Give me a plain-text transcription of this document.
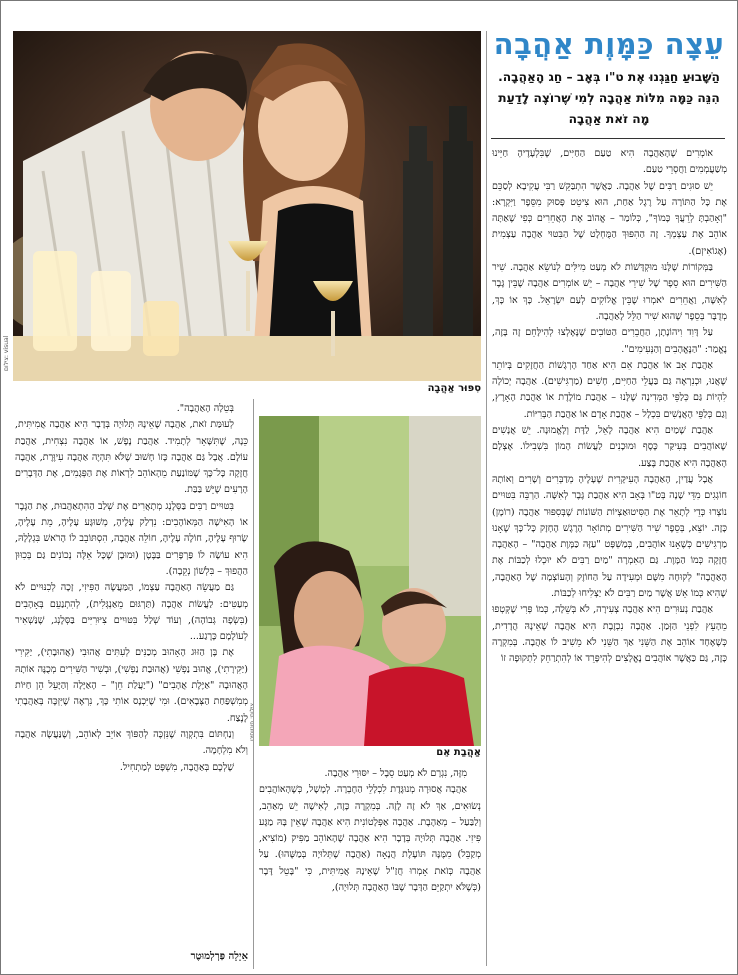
עֵצָה כַּמָּוֶת אַהֲבָה
הַשָּׁבוּעַ חַגַּגְנוּ אֶת ט"ו בְּאָב – חַג הָאַהֲבָה. הִנֵּה כַּמָּה מִלּוֹת אַהֲבָה לְמִי שֶׁרוֹצֶה לָדַעַת מָה זֹאת אַהֲבָה
צילום: visual
סִפּוּר אַהֲבָה
אַהֲבַת אֵם

אוֹמְרִים שֶׁהָאַהֲבָה הִיא טַעַם הַחַיִּים, שֶׁבִּלְעָדֶיהָ חַיֵּינוּ מְשַׁעֲמְמִים וַחֲסְרֵי טַעַם.

יֵשׁ סוּגִים רַבִּים שֶׁל אַהֲבָה. כַּאֲשֶׁר הִתְבַּקֵּשׁ רַבִּי עֲקִיבָא לְסַכֵּם אֶת כָּל הַתּוֹרָה עַל רֶגֶל אַחַת, הוּא צִיטֵט פָּסוּק מִסֵּפֶר וַיִּקְרָא: "וְאָהַבְתָּ לְרֵעֲךָ כָּמוֹךָ", כְּלוֹמַר – אֱהוֹב אֶת הָאֲחֵרִים כְּפִי שֶׁאַתָּה אוֹהֵב אֶת עַצְמְךָ. זֶה הַהִפּוּךְ הַמֻּחְלָט שֶׁל הַבִּטּוּי אַהֲבָה עַצְמִית (אֶגוֹאִיזְם).

בַּמְּקוֹרוֹת שֶׁלָּנוּ מוּקְדָּשׁוֹת לֹא מְעַט מִילִּים לְנוֹשֵׂא אַהֲבָה. שִׁיר הַשִּׁירִים הוּא סֵפֶר שֶׁל שִׁירֵי אַהֲבָה – יֵשׁ אוֹמְרִים אַהֲבָה שֶׁבֵּין גֶּבֶר לְאִשָּׁה, וַאֲחֵרִים יֹאמְרוּ שֶׁבֵּין אֱלוֹקִים לְעַם יִשְׂרָאֵל. כָּךְ אוֹ כָּךְ, מְדֻבָּר בְּסֵפֶר שֶׁהוּא שִׁיר הַלֵּל לָאַהֲבָה.

עַל דָּוִד וִיהוֹנָתָן, הַחֲבֵרִים הַטּוֹבִים שֶׁנֶּאֶלְצוּ לְהִילָּחֵם זֶה בָּזֶה, נֶאֱמַר: "הַנֶּאֱהָבִים וְהַנְּעִימִים".

אַהֲבַת אָב אוֹ אַהֲבַת אֵם הִיא אַחַד הָרְגָשׁוֹת הַחֲזָקִים בְּיוֹתֵר שֶׁאֲנוּ, וּכְנִרְאֶה גַּם בַּעֲלֵי הַחַיִּים, חָשִׁים (מַרְגִּישִׁים). אַהֲבָה יְכוֹלָה לִהְיוֹת גַּם כְּלַפֵּי הַמְּדִינָה שֶׁלָּנוּ – אַהֲבַת מוֹלֶדֶת אוֹ אַהֲבַת הָאָרֶץ, וְגַם כְּלַפֵּי הָאֲנָשִׁים בִּכְלָל – אַהֲבַת אָדָם אוֹ אַהֲבַת הַבְּרִיּוֹת.

אַהֲבַת שָׁמַיִם הִיא אַהֲבָה לָאֵל, לַדָּת וְלָאֱמוּנָה. יֵשׁ אֲנָשִׁים שֶׁאוֹהֲבִים בְּעִיקַּר כֶּסֶף וּמוּכָנִים לַעֲשׂוֹת הָמוֹן בִּשְׁבִילוֹ. אֶצְלָם הָאַהֲבָה הִיא אַהֲבַת בֶּצַע.

אֲבָל עֲדַיִן, הָאַהֲבָה הָעִיקָּרִית שֶׁעָלֶיהָ מְדַבְּרִים וְשָׁרִים וְאוֹתָהּ חוֹגְגִים מִדֵּי שָׁנָה בְּט"ו בְּאָב הִיא אַהֲבַת גֶּבֶר לְאִשָּׁה. הַרְבֵּה בִּטּוּיִים נוֹצְרוּ כְּדֵי לְתָאֵר אֶת הַסִּיטוּאַצְיוֹת הַשּׁוֹנוֹת שֶׁבְּסִפּוּר אַהֲבָה (רוֹמָן) כָּזֶה. יוֹצֵא, בְּסֵפֶר שִׁיר הַשִּׁירִים מְתוֹאָר הָרֶגֶשׁ הֶחָזָק כָּל־כָּךְ שֶׁאָנוּ מַרְגִּישִׁים כְּשֶׁאָנוּ אוֹהֲבִים, בְּמַשְׁפָּט "עַזָּה כַּמָּוֶת אַהֲבָה" – הָאַהֲבָה חֲזָקָה כְּמוֹ הַמָּוֶת. גַּם הָאִמְרָה "מַיִם רַבִּים לֹא יוּכְלוּ לְכַבּוֹת אֶת הָאַהֲבָה" לְקוּחָה מִשָּׁם וּמְעִידָה עַל הַחוֹזֶק וְהָעוֹצְמָה שֶׁל הָאַהֲבָה, שֶׁהִיא כְּמוֹ אֵשׁ אֲשֶׁר מַיִם רַבִּים לֹא יַצְלִיחוּ לְכַבּוֹת.

אַהֲבַת נְעוּרִים הִיא אַהֲבָה צְעִירָה, לֹא בְּשֵׁלָה, כְּמוֹ פְּרִי שֶׁקְּטְפוּ מֵהָעֵץ לִפְנֵי הַזְּמַן. אַהֲבָה נִכְזֶבֶת הִיא אַהֲבָה שֶׁאֵינָהּ הֲדָדִית, כְּשֶׁאֶחָד אוֹהֵב אֶת הַשֵּׁנִי אַךְ הַשֵּׁנִי לֹא מֵשִׁיב לוֹ אַהֲבָה. בְּמִקְרֶה כָּזֶה, גַּם כַּאֲשֶׁר אוֹהֲבִים נֶאֱלָצִים לְהִיפָּרֵד אוֹ לְהִתְרַחֵק לִתְקוּפָה זוֹ

מִזֶּה, נִגְרָם לֹא מְעַט סֵבֶל – יִסּוּרֵי אַהֲבָה.

אַהֲבָה אֲסוּרָה מְנוּגֶּדֶת לִכְלָלֵי הַחֶבְרָה. לְמָשָׁל, כְּשֶׁהָאוֹהֲבִים נְשׂוּאִים, אַךְ לֹא זֶה לָזֶה. בְּמִקְרֶה כָּזֶה, לָאִישָׁה יֵשׁ מְאַהֵב, וְלַבַּעַל – מְאַהֶבֶת. אַהֲבָה אַפְּלָטוֹנִית הִיא אַהֲבָה שֶׁאֵין בָּהּ מַגָּע פִּיזִי. אַהֲבָה תְּלוּיָה בְּדָבָר הִיא אַהֲבָה שֶׁהָאוֹהֵב מַפִּיק (מוֹצִיא, מְקַבֵּל) מִמֶּנָּה תּוֹעֶלֶת הֲנָאָה (אַהֲבָה שֶׁתְּלוּיָה בְּמַשֶּׁהוּ). עַל אַהֲבָה כְּזֹאת אָמְרוּ חֲזַ"ל שֶׁאֵינָהּ אֲמִיתִּית, כִּי "בָּטֵל דָּבָר (כְּשֶׁלֹּא יִתְקַיֵּם הַדָּבָר שֶׁבּוֹ הָאַהֲבָה תְּלוּיָה),

בְּטֵלָה הָאַהֲבָה".

לְעוּמַּת זֹאת, אַהֲבָה שֶׁאֵינָהּ תְּלוּיָה בְּדָבָר הִיא אַהֲבָה אֲמִיתִּית, כֵּנָה, שֶׁתִּשָּׁאֵר לְתָמִיד. אַהֲבַת נֶפֶשׁ, אוֹ אַהֲבָה נִצְחִית, אַהֲבַת עוֹלָם. אֲבָל גַּם אַהֲבָה כָּזוֹ חָשׁוּב שֶׁלֹּא תִּהְיֶה אַהֲבָה עִיוֶּרֶת, אַהֲבָה חֲזָקָה כָּל־כָּךְ שֶׁמּוֹנַעַת מֵהָאוֹהֵב לִרְאוֹת אֶת הַפְּגָמִים, אֶת הַדְּבָרִים הָרָעִים שֶׁיֵּשׁ בַּבַּת.

בִּטּוּיִים רַבִּים בַּסְּלֶנְג מְתָאֲרִים אֶת שְׁלַב הַהִתְאַהֲבוּת, אֶת הַגֶּבֶר אוֹ הָאִישָׁה הַמְּאוֹהָבִים: נִדְלַק עָלֶיהָ, מְשׁוּגָּע עָלֶיהָ, מֵת עָלֶיהָ, שָׂרוּף עָלֶיהָ, חוֹלֶה עָלֶיהָ, חוֹלֵה אַהֲבָה, הִסְתּוֹבֵב לוֹ הָרֹאשׁ בִּגְלָלָהּ, הִיא עוֹשָׂה לוֹ פַּרְפָּרִים בַּבֶּטֶן (וּמוּבָן שֶׁכָּל אֵלֶּה נְכוֹנִים גַּם בְּכִוּוּן הַהֲפוּךְ – בִּלְשׁוֹן נְקֵבָה).

גַּם מַעֲשֵׂה הָאַהֲבָה עַצְמוֹ, הַמַּעֲשֶׂה הַפִּיזִי, זָכָה לְכִנּוּיִים לֹא מְעַטִּים: לַעֲשׂוֹת אַהֲבָה (תַּרְגּוּם מֵאַנְגְּלִית), לְהִתְנַעֵם בְּאָהָבִים (בִּשְׂפָה גְּבוֹהָה), וְעוֹד שְׁלַל בִּטּוּיִים צִיּוּרִיִּים בַּסְּלֶנְג, שֶׁנַּשְׁאִיר לְעוֹלָמָם כָּרֶגַע...

אֶת בֶּן הַזּוּג הָאָהוּב מְכַנִּים לְעִתִּים אֲהוּבִי (אֲהוּבָתִי), יַקִּירִי (יַקִּירָתִי), אֱהוּב נַפְשִׁי (אֲהוּבַת נַפְשִׁי), וּבְשִׁיר הַשִּׁירִים מְכֻנֶּה אוֹתָהּ הָאֲהוּבָה "אַיֶּלֶת אֲהָבִים" ("יַעֲלַת חֵן" – הָאַיָּלָה וְהַיָּעֵל הֵן חַיּוֹת מְמִשְׁפַּחַת הַצְּבָאִים). וּמִי שֶׁיִּכְנָס אוֹתִי כָּךְ, נִרְאֶה שֶׁיִּזְכֶּה בְּאַהֲבָתִי לָנֶצַח.

וְנַחְתּוֹם בִּתְקְוָה שֶׁנִּזְכֶּה לְהַפּוֹךְ אוֹיֵב לְאוֹהֵב, וְשֶׁנַּעֲשֶׂה אַהֲבָה וְלֹא מִלְחָמָה.

שָׁלְכֶם בְּאַהֲבָה, מִשְׁפָּט לְמַתְחִיל.

אֵיָלָה פַּרְלְמוּטֶר
